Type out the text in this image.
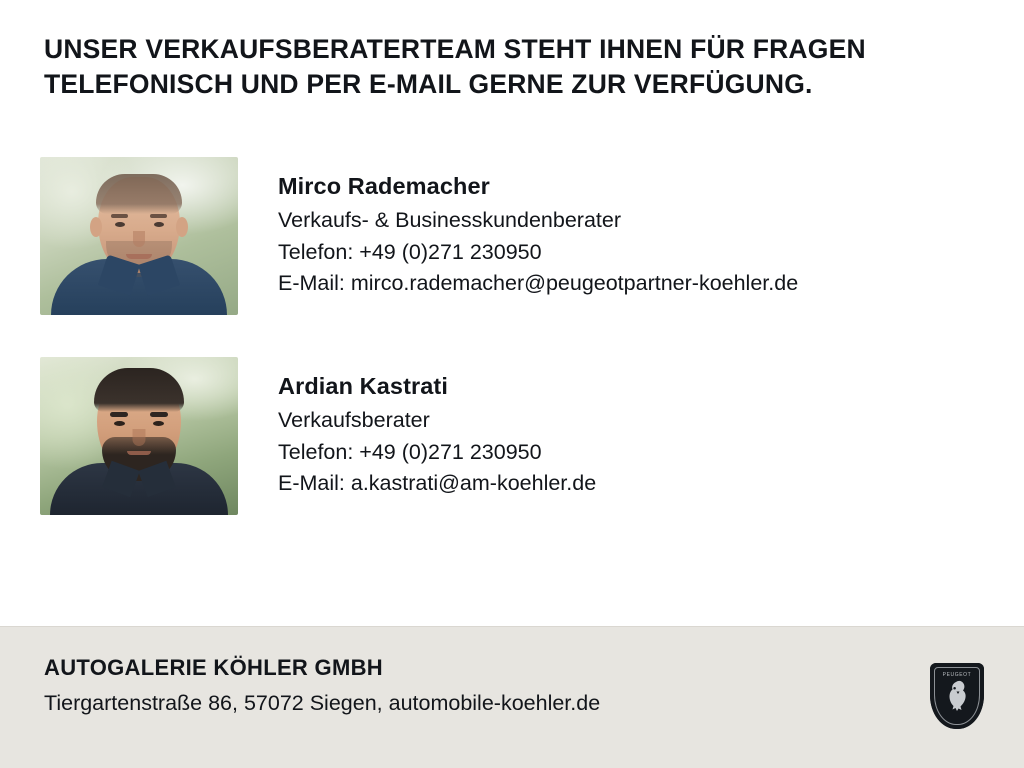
UNSER VERKAUFSBERATERTEAM STEHT IHNEN FÜR FRAGEN
TELEFONISCH UND PER E-MAIL GERNE ZUR VERFÜGUNG.
Mirco Rademacher
Verkaufs- & Businesskundenberater
Telefon: +49 (0)271 230950
E-Mail: mirco.rademacher@peugeotpartner-koehler.de
Ardian Kastrati
Verkaufsberater
Telefon: +49 (0)271 230950
E-Mail: a.kastrati@am-koehler.de
AUTOGALERIE KÖHLER GMBH
Tiergartenstraße 86, 57072 Siegen, automobile-koehler.de
PEUGEOT
